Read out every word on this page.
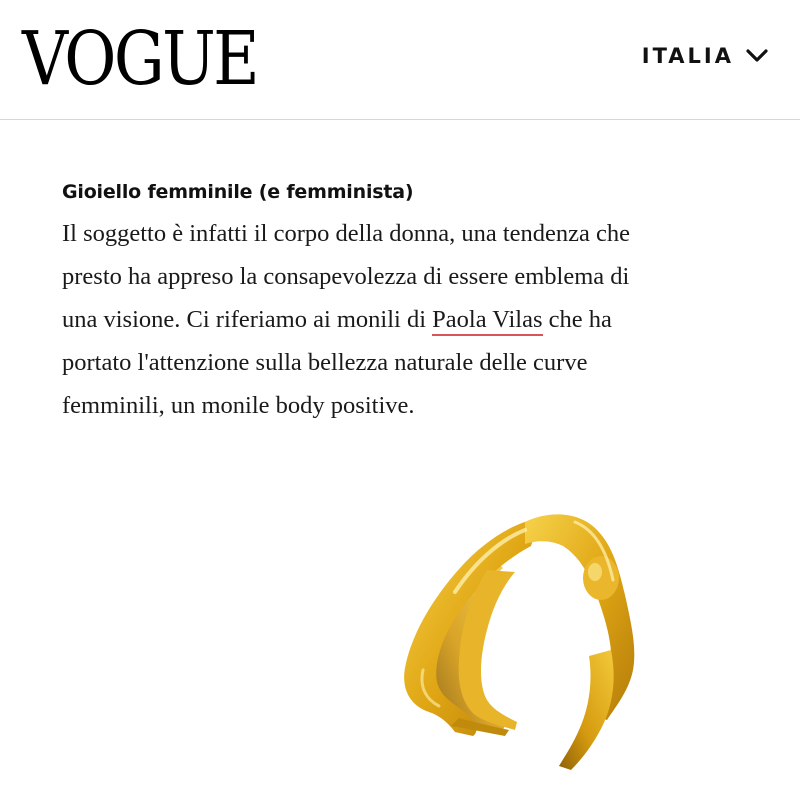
VOGUE	ITALIA
Gioiello femminile (e femminista)

Il soggetto è infatti il corpo della donna, una tendenza che presto ha appreso la consapevolezza di essere emblema di una visione. Ci riferiamo ai monili di Paola Vilas che ha portato l'attenzione sulla bellezza naturale delle curve femminili, un monile body positive.
